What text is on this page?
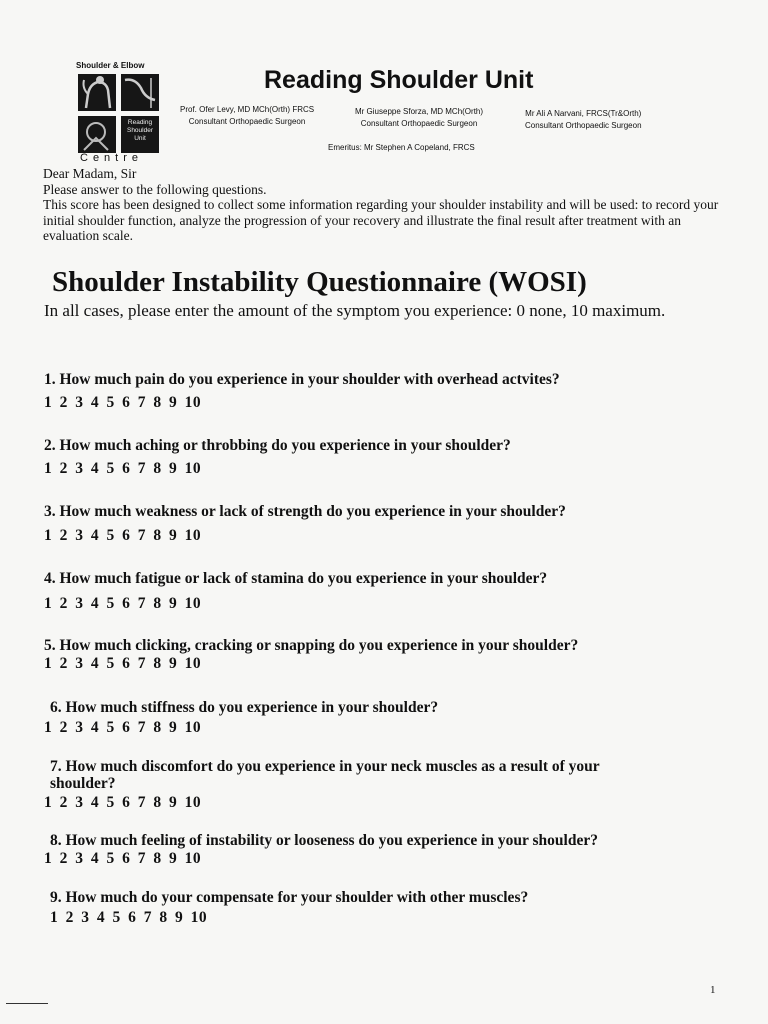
Shoulder & Elbow
Reading Shoulder Unit
Centre
Reading Shoulder Unit
Prof. Ofer Levy, MD MCh(Orth) FRCS
Consultant Orthopaedic Surgeon
Mr Giuseppe Sforza, MD MCh(Orth)
Consultant Orthopaedic Surgeon
Mr Ali A Narvani, FRCS(Tr&Orth)
Consultant Orthopaedic Surgeon
Emeritus: Mr Stephen A Copeland, FRCS
Dear Madam, Sir
Please answer to the following questions.
This score has been designed to collect some information regarding your shoulder instability and will be used: to record your initial shoulder function, analyze the progression of your recovery and illustrate the final result after treatment with an evaluation scale.
Shoulder Instability Questionnaire (WOSI)
In all cases, please enter the amount of the symptom you experience: 0 none, 10 maximum.
1. How much pain do you experience in your shoulder with overhead actvites?
1 2 3 4 5 6 7 8 9 10
2. How much aching or throbbing do you experience in your shoulder?
1 2 3 4 5 6 7 8 9 10
3. How much weakness or lack of strength do you experience in your shoulder?
1 2 3 4 5 6 7 8 9 10
4. How much fatigue or lack of stamina do you experience in your shoulder?
1 2 3 4 5 6 7 8 9 10
5. How much clicking, cracking or snapping do you experience in your shoulder?
1 2 3 4 5 6 7 8 9 10
6. How much stiffness do you experience in your shoulder?
1 2 3 4 5 6 7 8 9 10
7. How much discomfort do you experience in your neck muscles as a result of your
shoulder?
1 2 3 4 5 6 7 8 9 10
8. How much feeling of instability or looseness do you experience in your shoulder?
1 2 3 4 5 6 7 8 9 10
9. How much do your compensate for your shoulder with other muscles?
1 2 3 4 5 6 7 8 9 10
1
